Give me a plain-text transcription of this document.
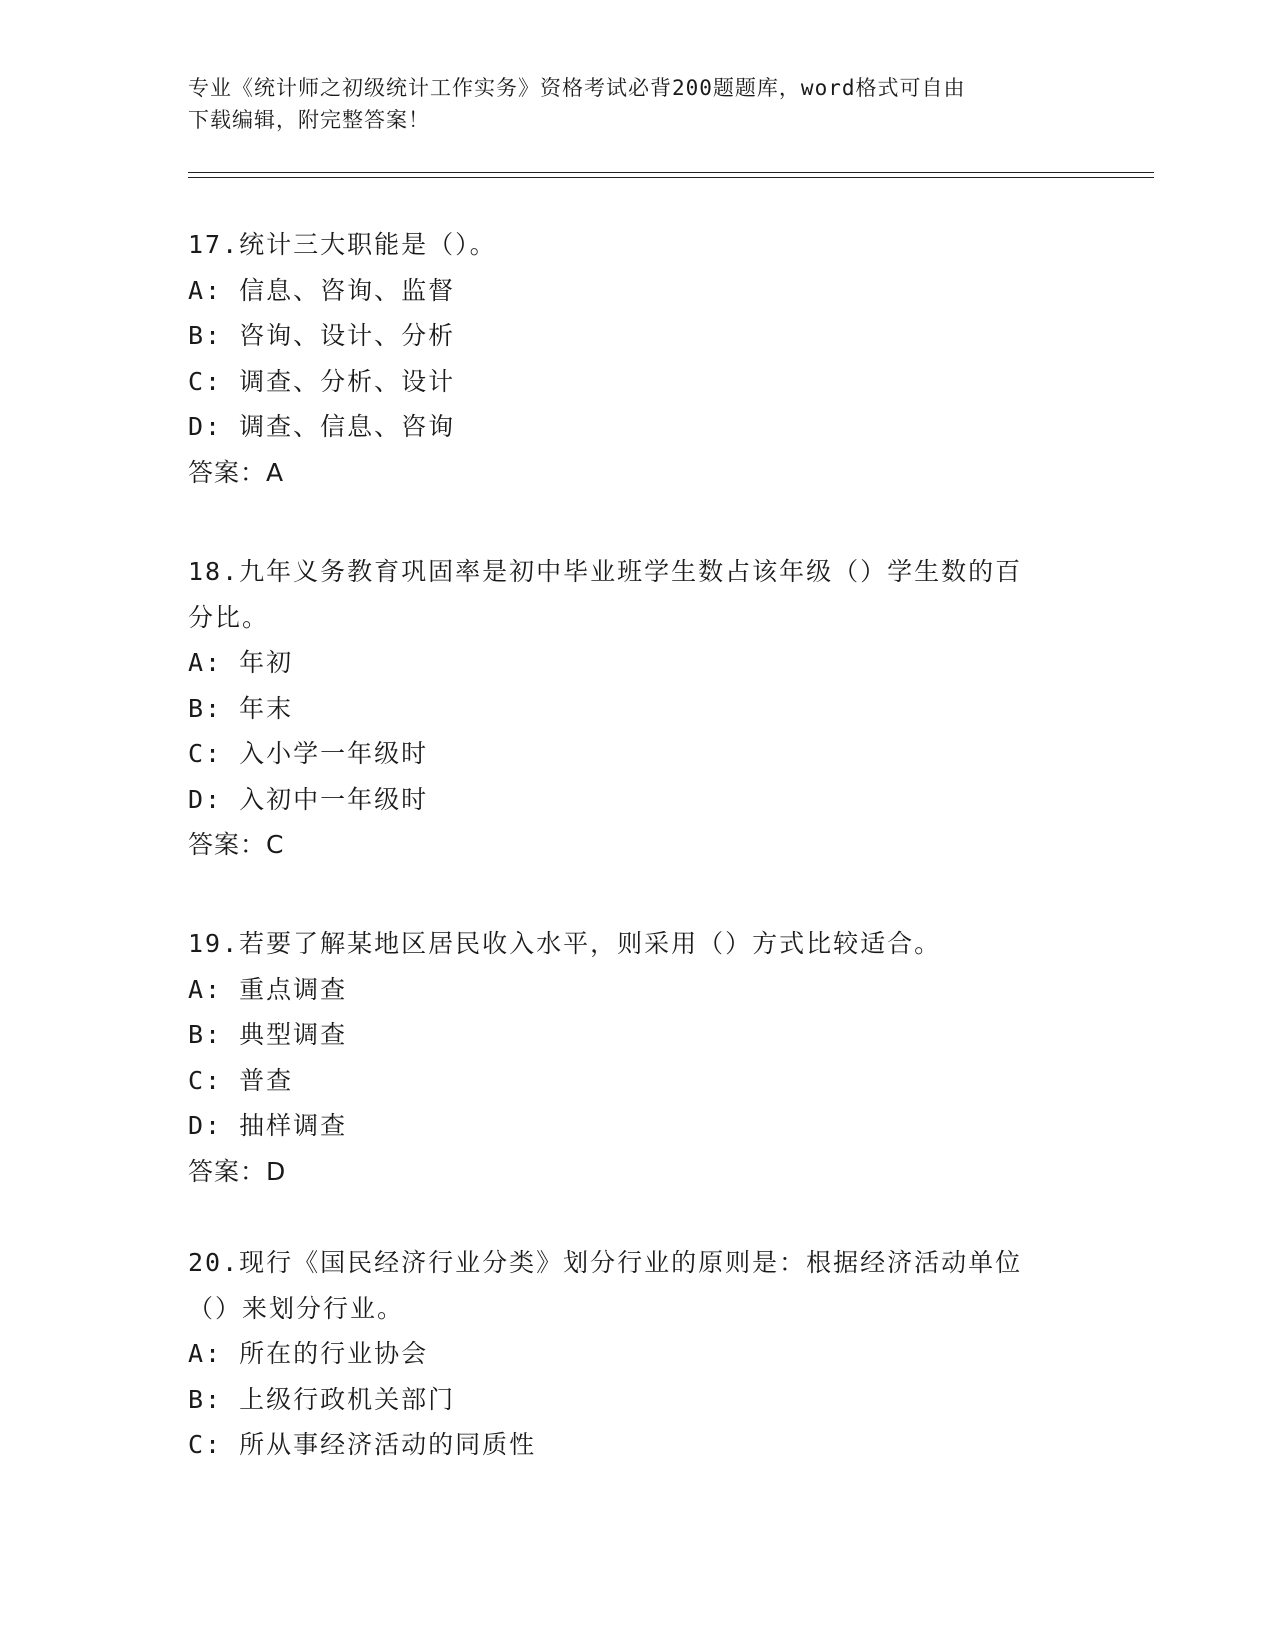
专业《统计师之初级统计工作实务》资格考试必背200题题库，word格式可自由
下载编辑，附完整答案！
17.统计三大职能是（）。
A: 信息、咨询、监督
B: 咨询、设计、分析
C: 调查、分析、设计
D: 调查、信息、咨询
答案：A
18.九年义务教育巩固率是初中毕业班学生数占该年级（）学生数的百
分比。
A: 年初
B: 年末
C: 入小学一年级时
D: 入初中一年级时
答案：C
19.若要了解某地区居民收入水平，则采用（）方式比较适合。
A: 重点调查
B: 典型调查
C: 普查
D: 抽样调查
答案：D
20.现行《国民经济行业分类》划分行业的原则是：根据经济活动单位
（）来划分行业。
A: 所在的行业协会
B: 上级行政机关部门
C: 所从事经济活动的同质性
